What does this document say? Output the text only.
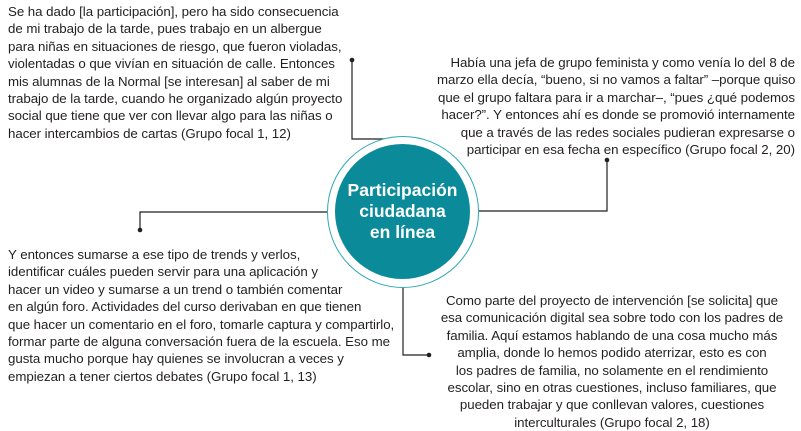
Se ha dado [la participación], pero ha sido consecuencia
de mi trabajo de la tarde, pues trabajo en un albergue
para niñas en situaciones de riesgo, que fueron violadas,
violentadas o que vivían en situación de calle. Entonces
mis alumnas de la Normal [se interesan] al saber de mi
trabajo de la tarde, cuando he organizado algún proyecto
social que tiene que ver con llevar algo para las niñas o
hacer intercambios de cartas (Grupo focal 1, 12)
Había una jefa de grupo feminista y como venía lo del 8 de
marzo ella decía, “bueno, si no vamos a faltar” –porque quiso
que el grupo faltara para ir a marchar–, “pues ¿qué podemos
hacer?”. Y entonces ahí es donde se promovió internamente
que a través de las redes sociales pudieran expresarse o
participar en esa fecha en específico (Grupo focal 2, 20)
Y entonces sumarse a ese tipo de trends y verlos,
identificar cuáles pueden servir para una aplicación y
hacer un video y sumarse a un trend o también comentar
en algún foro. Actividades del curso derivaban en que tienen
que hacer un comentario en el foro, tomarle captura y compartirlo,
formar parte de alguna conversación fuera de la escuela. Eso me
gusta mucho porque hay quienes se involucran a veces y
empiezan a tener ciertos debates (Grupo focal 1, 13)
Como parte del proyecto de intervención [se solicita] que
esa comunicación digital sea sobre todo con los padres de
familia. Aquí estamos hablando de una cosa mucho más
amplia, donde lo hemos podido aterrizar, esto es con
los padres de familia, no solamente en el rendimiento
escolar, sino en otras cuestiones, incluso familiares, que
pueden trabajar y que conllevan valores, cuestiones
interculturales (Grupo focal 2, 18)
Participación
ciudadana
en línea
